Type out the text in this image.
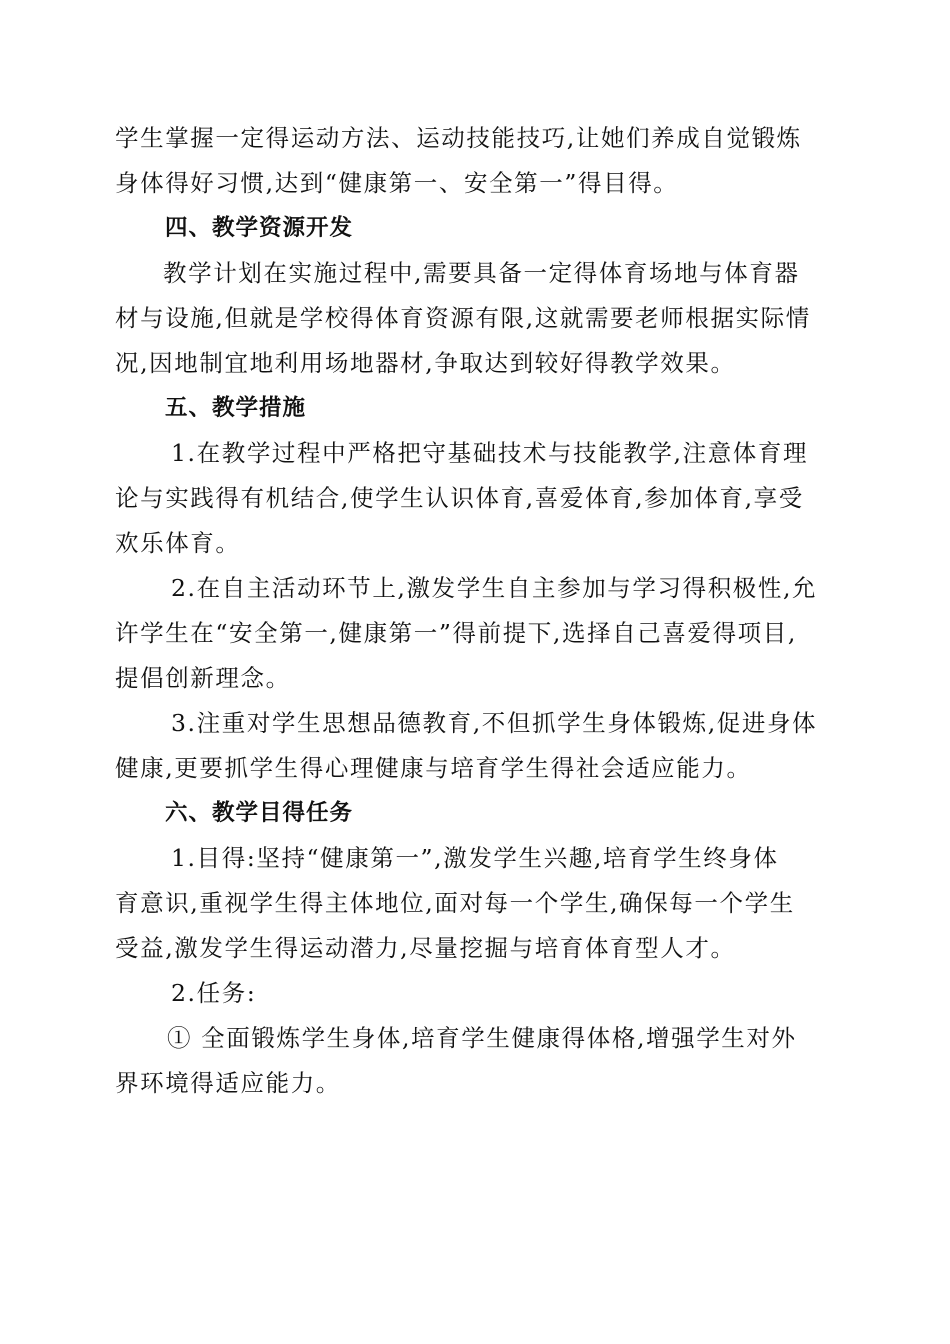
学生掌握一定得运动方法、运动技能技巧,让她们养成自觉锻炼
身体得好习惯,达到“健康第一、安全第一”得目得。
四、教学资源开发
教学计划在实施过程中,需要具备一定得体育场地与体育器
材与设施,但就是学校得体育资源有限,这就需要老师根据实际情
况,因地制宜地利用场地器材,争取达到较好得教学效果。
五、教学措施
1.在教学过程中严格把守基础技术与技能教学,注意体育理
论与实践得有机结合,使学生认识体育,喜爱体育,参加体育,享受
欢乐体育。
2.在自主活动环节上,激发学生自主参加与学习得积极性,允
许学生在“安全第一,健康第一”得前提下,选择自己喜爱得项目,
提倡创新理念。
3.注重对学生思想品德教育,不但抓学生身体锻炼,促进身体
健康,更要抓学生得心理健康与培育学生得社会适应能力。
六、教学目得任务
1.目得:坚持“健康第一”,激发学生兴趣,培育学生终身体
育意识,重视学生得主体地位,面对每一个学生,确保每一个学生
受益,激发学生得运动潜力,尽量挖掘与培育体育型人才。
2.任务:
① 全面锻炼学生身体,培育学生健康得体格,增强学生对外
界环境得适应能力。
